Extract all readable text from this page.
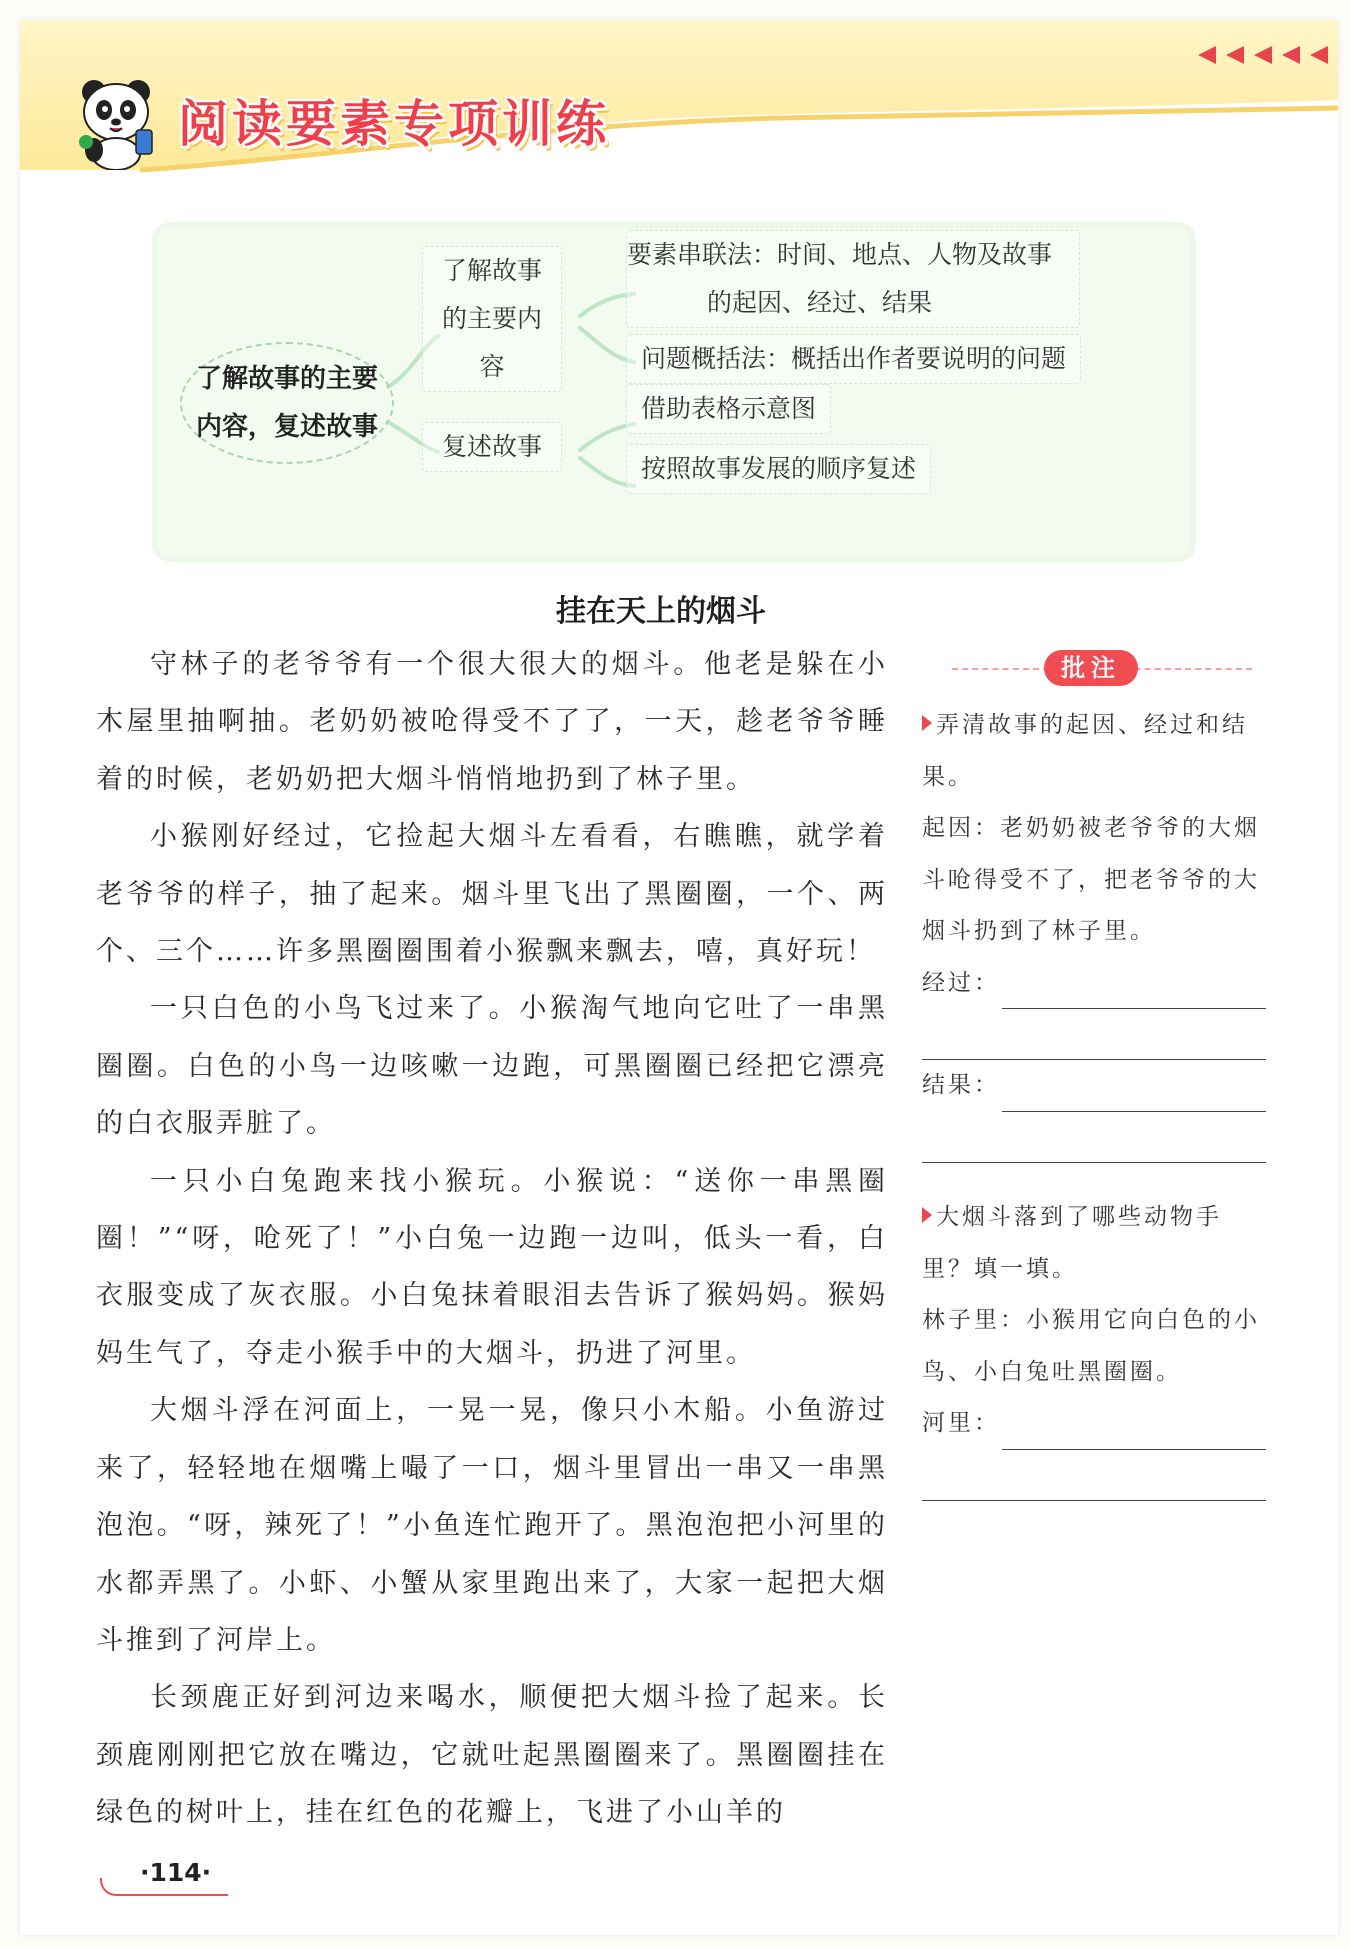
阅读要素专项训练
了解故事的主要内容，复述故事
了解故事的主要内容
复述故事
要素串联法：时间、地点、人物及故事的起因、经过、结果
问题概括法：概括出作者要说明的问题
借助表格示意图
按照故事发展的顺序复述
挂在天上的烟斗

守林子的老爷爷有一个很大很大的烟斗。他老是躲在小木屋里抽啊抽。老奶奶被呛得受不了了，一天，趁老爷爷睡着的时候，老奶奶把大烟斗悄悄地扔到了林子里。

小猴刚好经过，它捡起大烟斗左看看，右瞧瞧，就学着老爷爷的样子，抽了起来。烟斗里飞出了黑圈圈，一个、两个、三个……许多黑圈圈围着小猴飘来飘去，嘻，真好玩！

一只白色的小鸟飞过来了。小猴淘气地向它吐了一串黑圈圈。白色的小鸟一边咳嗽一边跑，可黑圈圈已经把它漂亮的白衣服弄脏了。

一只小白兔跑来找小猴玩。小猴说：“送你一串黑圈圈！”“呀，呛死了！”小白兔一边跑一边叫，低头一看，白衣服变成了灰衣服。小白兔抹着眼泪去告诉了猴妈妈。猴妈妈生气了，夺走小猴手中的大烟斗，扔进了河里。

大烟斗浮在河面上，一晃一晃，像只小木船。小鱼游过来了，轻轻地在烟嘴上嘬了一口，烟斗里冒出一串又一串黑泡泡。“呀，辣死了！”小鱼连忙跑开了。黑泡泡把小河里的水都弄黑了。小虾、小蟹从家里跑出来了，大家一起把大烟斗推到了河岸上。

长颈鹿正好到河边来喝水，顺便把大烟斗捡了起来。长颈鹿刚刚把它放在嘴边，它就吐起黑圈圈来了。黑圈圈挂在绿色的树叶上，挂在红色的花瓣上，飞进了小山羊的

批注
弄清故事的起因、经过和结果。
起因：老奶奶被老爷爷的大烟斗呛得受不了，把老爷爷的大烟斗扔到了林子里。
经过：
结果：
大烟斗落到了哪些动物手里？填一填。
林子里：小猴用它向白色的小鸟、小白兔吐黑圈圈。
河里：
·114·
